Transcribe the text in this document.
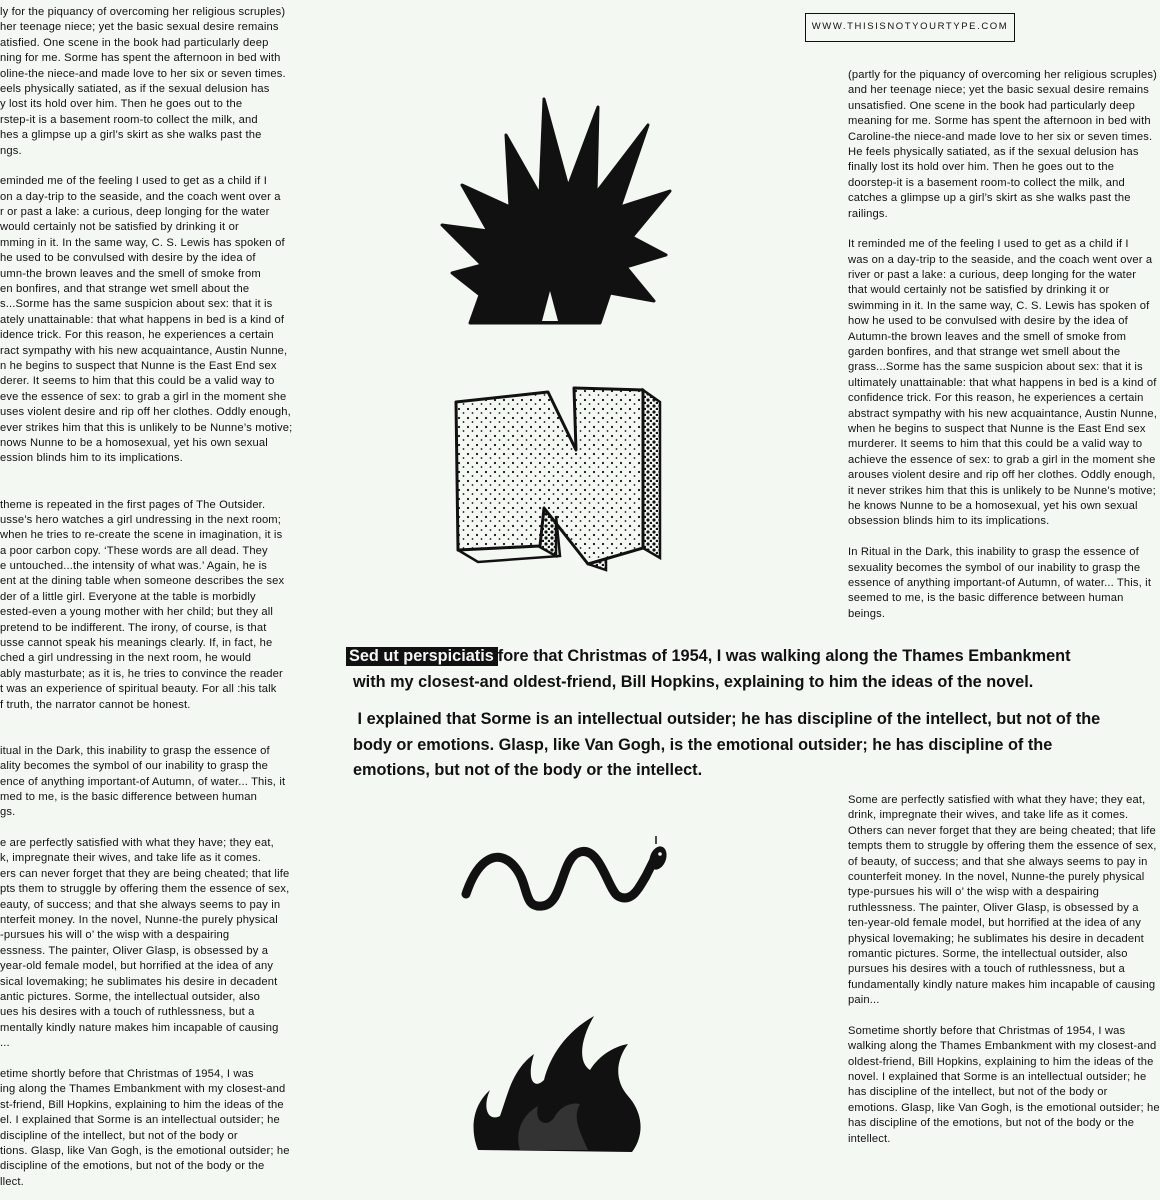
WWW.THISISNOTYOURTYPE.COM
ly for the piquancy of overcoming her religious scruples)
her teenage niece; yet the basic sexual desire remains
atisfied. One scene in the book had particularly deep
ning for me. Sorme has spent the afternoon in bed with
oline-the niece-and made love to her six or seven times.
eels physically satiated, as if the sexual delusion has
y lost its hold over him. Then he goes out to the
rstep-it is a basement room-to collect the milk, and
hes a glimpse up a girl’s skirt as she walks past the
ngs.
eminded me of the feeling I used to get as a child if I
on a day-trip to the seaside, and the coach went over a
r or past a lake: a curious, deep longing for the water
would certainly not be satisfied by drinking it or
mming in it. In the same way, C. S. Lewis has spoken of
he used to be convulsed with desire by the idea of
umn-the brown leaves and the smell of smoke from
en bonfires, and that strange wet smell about the
s...Sorme has the same suspicion about sex: that it is
ately unattainable: that what happens in bed is a kind of
idence trick. For this reason, he experiences a certain
ract sympathy with his new acquaintance, Austin Nunne,
n he begins to suspect that Nunne is the East End sex
derer. It seems to him that this could be a valid way to
eve the essence of sex: to grab a girl in the moment she
uses violent desire and rip off her clothes. Oddly enough,
ever strikes him that this is unlikely to be Nunne’s motive;
nows Nunne to be a homosexual, yet his own sexual
ession blinds him to its implications.
theme is repeated in the first pages of The Outsider.
usse’s hero watches a girl undressing in the next room;
when he tries to re-create the scene in imagination, it is
a poor carbon copy. ‘These words are all dead. They
e untouched...the intensity of what was.’ Again, he is
ent at the dining table when someone describes the sex
der of a little girl. Everyone at the table is morbidly
ested-even a young mother with her child; but they all
pretend to be indifferent. The irony, of course, is that
usse cannot speak his meanings clearly. If, in fact, he
ched a girl undressing in the next room, he would
ably masturbate; as it is, he tries to convince the reader
t was an experience of spiritual beauty. For all :his talk
f truth, the narrator cannot be honest.
itual in the Dark, this inability to grasp the essence of
ality becomes the symbol of our inability to grasp the
ence of anything important-of Autumn, of water... This, it
med to me, is the basic difference between human
gs.
e are perfectly satisfied with what they have; they eat,
k, impregnate their wives, and take life as it comes.
ers can never forget that they are being cheated; that life
pts them to struggle by offering them the essence of sex,
eauty, of success; and that she always seems to pay in
nterfeit money. In the novel, Nunne-the purely physical
-pursues his will o’ the wisp with a despairing
essness. The painter, Oliver Glasp, is obsessed by a
year-old female model, but horrified at the idea of any
sical lovemaking; he sublimates his desire in decadent
antic pictures. Sorme, the intellectual outsider, also
ues his desires with a touch of ruthlessness, but a
mentally kindly nature makes him incapable of causing
...
etime shortly before that Christmas of 1954, I was
ing along the Thames Embankment with my closest-and
st-friend, Bill Hopkins, explaining to him the ideas of the
el. I explained that Sorme is an intellectual outsider; he
discipline of the intellect, but not of the body or
tions. Glasp, like Van Gogh, is the emotional outsider; he
discipline of the emotions, but not of the body or the
llect.
(partly for the piquancy of overcoming her religious scruples)
and her teenage niece; yet the basic sexual desire remains
unsatisfied. One scene in the book had particularly deep
meaning for me. Sorme has spent the afternoon in bed with
Caroline-the niece-and made love to her six or seven times.
He feels physically satiated, as if the sexual delusion has
finally lost its hold over him. Then he goes out to the
doorstep-it is a basement room-to collect the milk, and
catches a glimpse up a girl’s skirt as she walks past the
railings.
It reminded me of the feeling I used to get as a child if I
was on a day-trip to the seaside, and the coach went over a
river or past a lake: a curious, deep longing for the water
that would certainly not be satisfied by drinking it or
swimming in it. In the same way, C. S. Lewis has spoken of
how he used to be convulsed with desire by the idea of
Autumn-the brown leaves and the smell of smoke from
garden bonfires, and that strange wet smell about the
grass...Sorme has the same suspicion about sex: that it is
ultimately unattainable: that what happens in bed is a kind of
confidence trick. For this reason, he experiences a certain
abstract sympathy with his new acquaintance, Austin Nunne,
when he begins to suspect that Nunne is the East End sex
murderer. It seems to him that this could be a valid way to
achieve the essence of sex: to grab a girl in the moment she
arouses violent desire and rip off her clothes. Oddly enough,
it never strikes him that this is unlikely to be Nunne’s motive;
he knows Nunne to be a homosexual, yet his own sexual
obsession blinds him to its implications.
In Ritual in the Dark, this inability to grasp the essence of
sexuality becomes the symbol of our inability to grasp the
essence of anything important-of Autumn, of water... This, it
seemed to me, is the basic difference between human
beings.
Some are perfectly satisfied with what they have; they eat,
drink, impregnate their wives, and take life as it comes.
Others can never forget that they are being cheated; that life
tempts them to struggle by offering them the essence of sex,
of beauty, of success; and that she always seems to pay in
counterfeit money. In the novel, Nunne-the purely physical
type-pursues his will o’ the wisp with a despairing
ruthlessness. The painter, Oliver Glasp, is obsessed by a
ten-year-old female model, but horrified at the idea of any
physical lovemaking; he sublimates his desire in decadent
romantic pictures. Sorme, the intellectual outsider, also
pursues his desires with a touch of ruthlessness, but a
fundamentally kindly nature makes him incapable of causing
pain...
Sometime shortly before that Christmas of 1954, I was
walking along the Thames Embankment with my closest-and
oldest-friend, Bill Hopkins, explaining to him the ideas of the
novel. I explained that Sorme is an intellectual outsider; he
has discipline of the intellect, but not of the body or
emotions. Glasp, like Van Gogh, is the emotional outsider; he
has discipline of the emotions, but not of the body or the
intellect.
Sed ut perspiciatis fore that Christmas of 1954, I was walking along the Thames Embankment
with my closest-and oldest-friend, Bill Hopkins, explaining to him the ideas of the novel.
I explained that Sorme is an intellectual outsider; he has discipline of the intellect, but not of the
body or emotions. Glasp, like Van Gogh, is the emotional outsider; he has discipline of the
emotions, but not of the body or the intellect.
